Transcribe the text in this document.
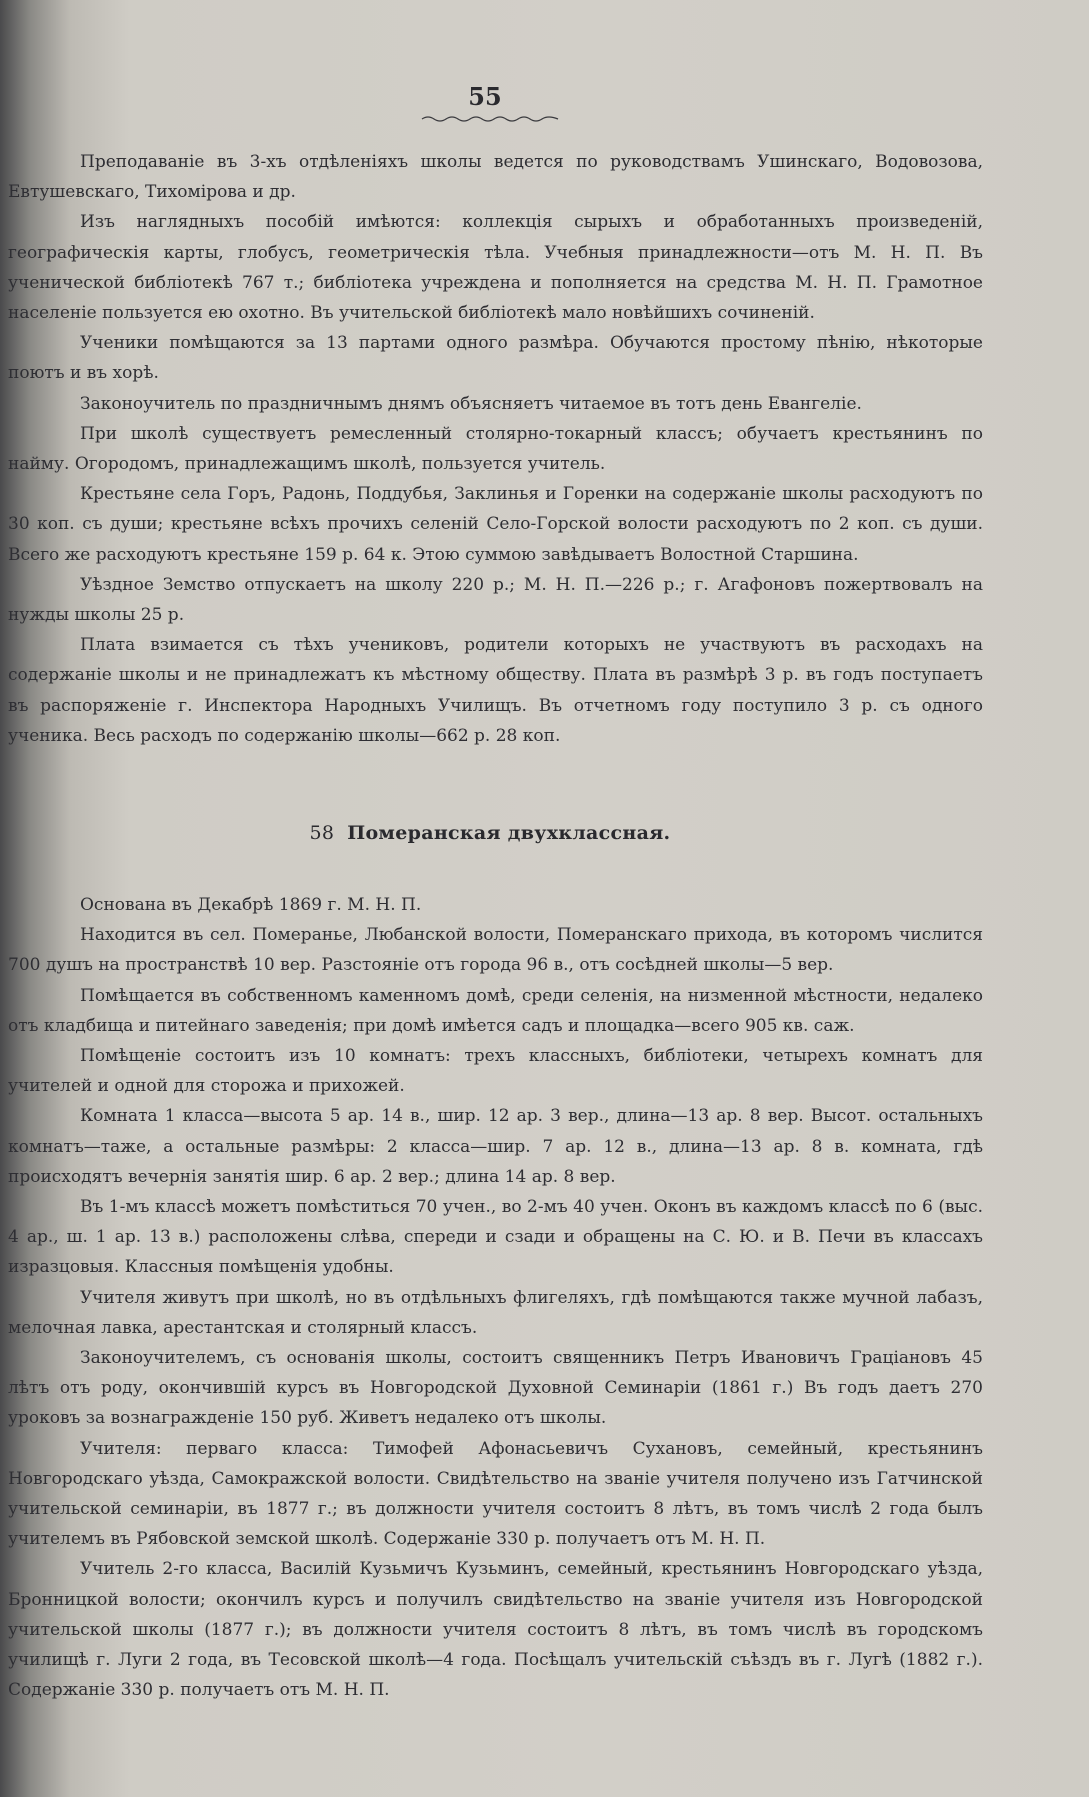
55

Преподаваніе въ 3-хъ отдѣленіяхъ школы ведется по руководствамъ Ушинскаго, Водовозова, Евтушевскаго, Тихомірова и др.

Изъ наглядныхъ пособій имѣются: коллекція сырыхъ и обработанныхъ произведеній, географическія карты, глобусъ, геометрическія тѣла. Учебныя принадлежности—отъ М. Н. П. Въ ученической библіотекѣ 767 т.; библіотека учреждена и пополняется на средства М. Н. П. Грамотное населеніе пользуется ею охотно. Въ учительской библіотекѣ мало новѣйшихъ сочиненій.

Ученики помѣщаются за 13 партами одного размѣра. Обучаются простому пѣнію, нѣкоторые поютъ и въ хорѣ.

Законоучитель по праздничнымъ днямъ объясняетъ читаемое въ тотъ день Евангеліе.

При школѣ существуетъ ремесленный столярно-токарный классъ; обучаетъ крестьянинъ по найму. Огородомъ, принадлежащимъ школѣ, пользуется учитель.

Крестьяне села Горъ, Радонь, Поддубья, Заклинья и Горенки на содержаніе школы расходуютъ по 30 коп. съ души; крестьяне всѣхъ прочихъ селеній Село-Горской волости расходуютъ по 2 коп. съ души. Всего же расходуютъ крестьяне 159 р. 64 к. Этою суммою завѣдываетъ Волостной Старшина.

Уѣздное Земство отпускаетъ на школу 220 р.; М. Н. П.—226 р.; г. Агафоновъ пожертвовалъ на нужды школы 25 р.

Плата взимается съ тѣхъ учениковъ, родители которыхъ не участвуютъ въ расходахъ на содержаніе школы и не принадлежатъ къ мѣстному обществу. Плата въ размѣрѣ 3 р. въ годъ поступаетъ въ распоряженіе г. Инспектора Народныхъ Училищъ. Въ отчетномъ году поступило 3 р. съ одного ученика. Весь расходъ по содержанію школы—662 р. 28 коп.

58 Померанская двухклассная.

Основана въ Декабрѣ 1869 г. М. Н. П.

Находится въ сел. Померанье, Любанской волости, Померанскаго прихода, въ которомъ числится 700 душъ на пространствѣ 10 вер. Разстояніе отъ города 96 в., отъ сосѣдней школы—5 вер.

Помѣщается въ собственномъ каменномъ домѣ, среди селенія, на низменной мѣстности, недалеко отъ кладбища и питейнаго заведенія; при домѣ имѣется садъ и площадка—всего 905 кв. саж.

Помѣщеніе состоитъ изъ 10 комнатъ: трехъ классныхъ, библіотеки, четырехъ комнатъ для учителей и одной для сторожа и прихожей.

Комната 1 класса—высота 5 ар. 14 в., шир. 12 ар. 3 вер., длина—13 ар. 8 вер. Высот. остальныхъ комнатъ—таже, а остальные размѣры: 2 класса—шир. 7 ар. 12 в., длина—13 ар. 8 в. комната, гдѣ происходятъ вечернія занятія шир. 6 ар. 2 вер.; длина 14 ар. 8 вер.

Въ 1-мъ классѣ можетъ помѣститься 70 учен., во 2-мъ 40 учен. Оконъ въ каждомъ классѣ по 6 (выс. 4 ар., ш. 1 ар. 13 в.) расположены слѣва, спереди и сзади и обращены на С. Ю. и В. Печи въ классахъ изразцовыя. Классныя помѣщенія удобны.

Учителя живутъ при школѣ, но въ отдѣльныхъ флигеляхъ, гдѣ помѣщаются также мучной лабазъ, мелочная лавка, арестантская и столярный классъ.

Законоучителемъ, съ основанія школы, состоитъ священникъ Петръ Ивановичъ Граціановъ 45 лѣтъ отъ роду, окончившій курсъ въ Новгородской Духовной Семинаріи (1861 г.) Въ годъ даетъ 270 уроковъ за вознагражденіе 150 руб. Живетъ недалеко отъ школы.

Учителя: перваго класса: Тимофей Афонасьевичъ Сухановъ, семейный, крестьянинъ Новгородскаго уѣзда, Самокражской волости. Свидѣтельство на званіе учителя получено изъ Гатчинской учительской семинаріи, въ 1877 г.; въ должности учителя состоитъ 8 лѣтъ, въ томъ числѣ 2 года былъ учителемъ въ Рябовской земской школѣ. Содержаніе 330 р. получаетъ отъ М. Н. П.

Учитель 2-го класса, Василій Кузьмичъ Кузьминъ, семейный, крестьянинъ Новгородскаго уѣзда, Бронницкой волости; окончилъ курсъ и получилъ свидѣтельство на званіе учителя изъ Новгородской учительской школы (1877 г.); въ должности учителя состоитъ 8 лѣтъ, въ томъ числѣ въ городскомъ училищѣ г. Луги 2 года, въ Тесовской школѣ—4 года. Посѣщалъ учительскій съѣздъ въ г. Лугѣ (1882 г.). Содержаніе 330 р. получаетъ отъ М. Н. П.
